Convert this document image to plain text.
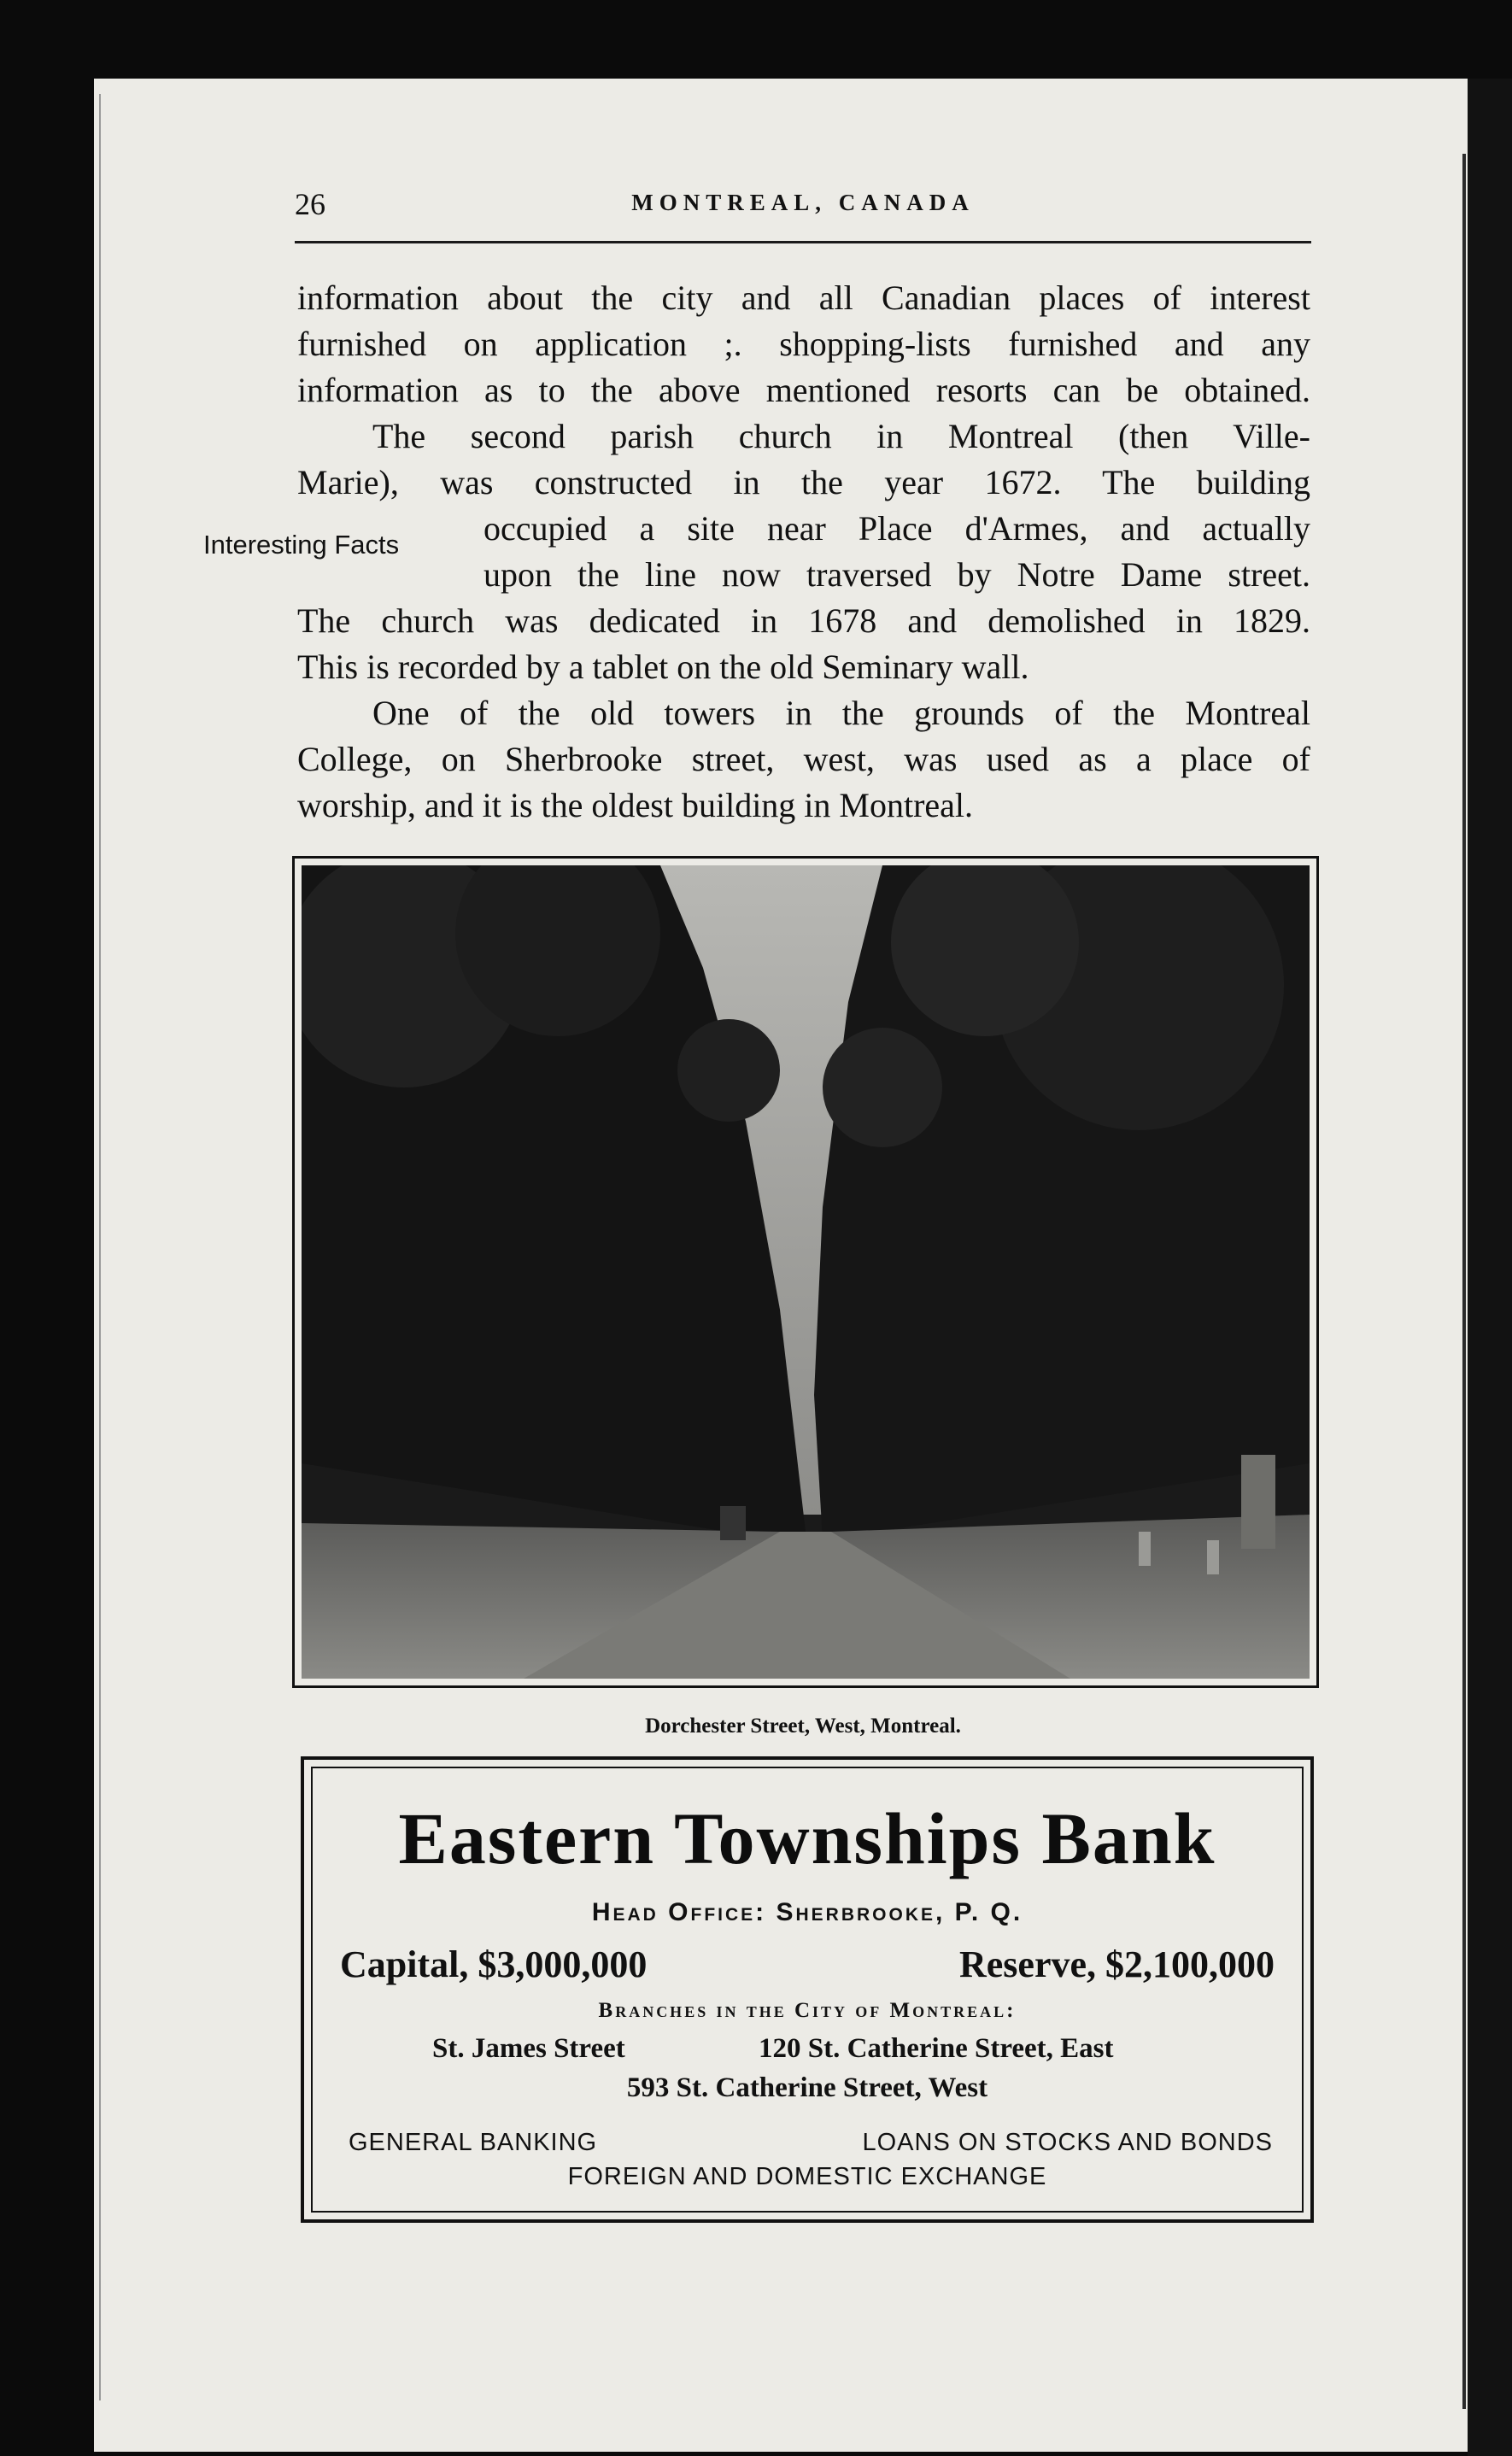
26	MONTREAL, CANADA
information about the city and all Canadian places of interest
furnished on application ;. shopping-lists furnished and any
information as to the above mentioned resorts can be obtained.
The second parish church in Montreal (then Ville-
Marie), was constructed in the year 1672. The building
occupied a site near Place d'Armes, and actually
upon the line now traversed by Notre Dame street.
The church was dedicated in 1678 and demolished in 1829.
This is recorded by a tablet on the old Seminary wall.
Interesting Facts
One of the old towers in the grounds of the Montreal
College, on Sherbrooke street, west, was used as a place of
worship, and it is the oldest building in Montreal.
Dorchester Street, West, Montreal.
Eastern Townships Bank
Head Office: Sherbrooke, P. Q.
Capital, $3,000,000	Reserve, $2,100,000
Branches in the City of Montreal:
St. James Street	120 St. Catherine Street, East
593 St. Catherine Street, West
GENERAL BANKING	LOANS ON STOCKS AND BONDS
FOREIGN AND DOMESTIC EXCHANGE
